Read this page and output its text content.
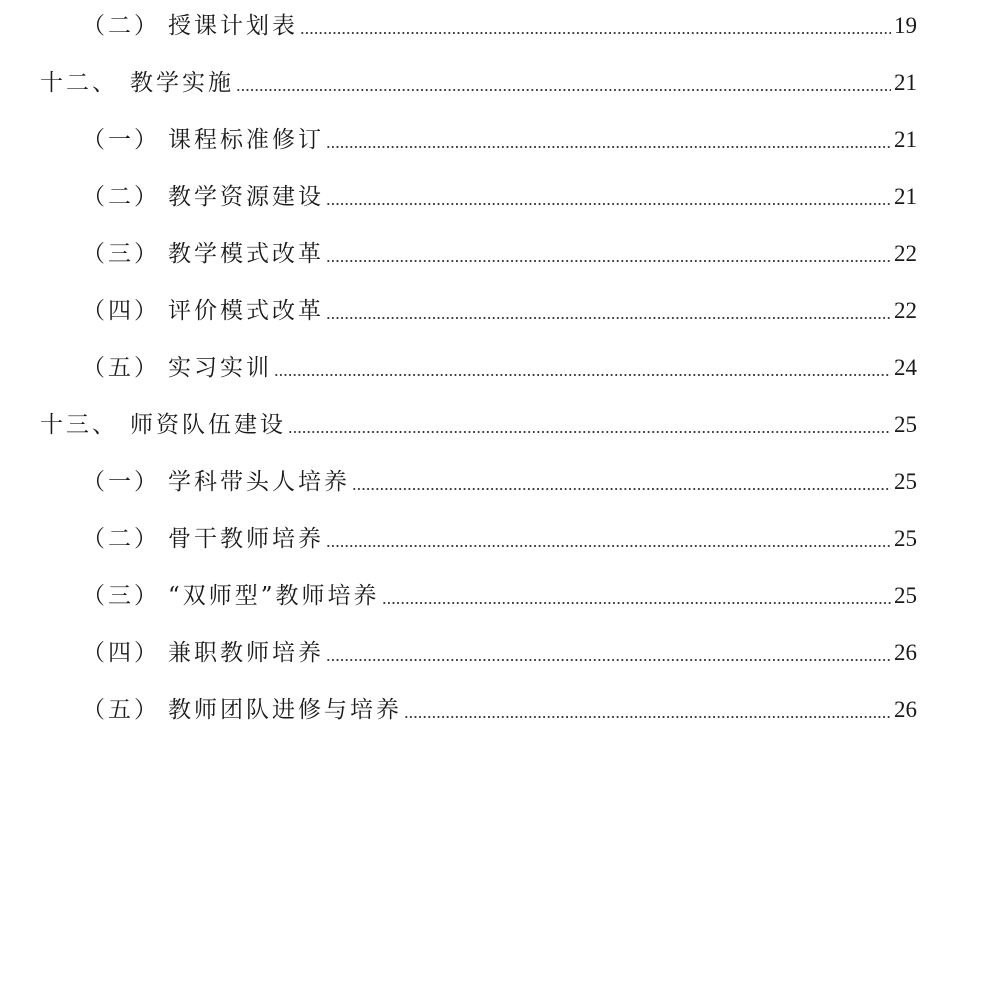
（二） 授课计划表	19
十二、 教学实施	21
（一） 课程标准修订	21
（二） 教学资源建设	21
（三） 教学模式改革	22
（四） 评价模式改革	22
（五） 实习实训	24
十三、 师资队伍建设	25
（一） 学科带头人培养	25
（二） 骨干教师培养	25
（三） “双师型”教师培养	25
（四） 兼职教师培养	26
（五） 教师团队进修与培养	26
